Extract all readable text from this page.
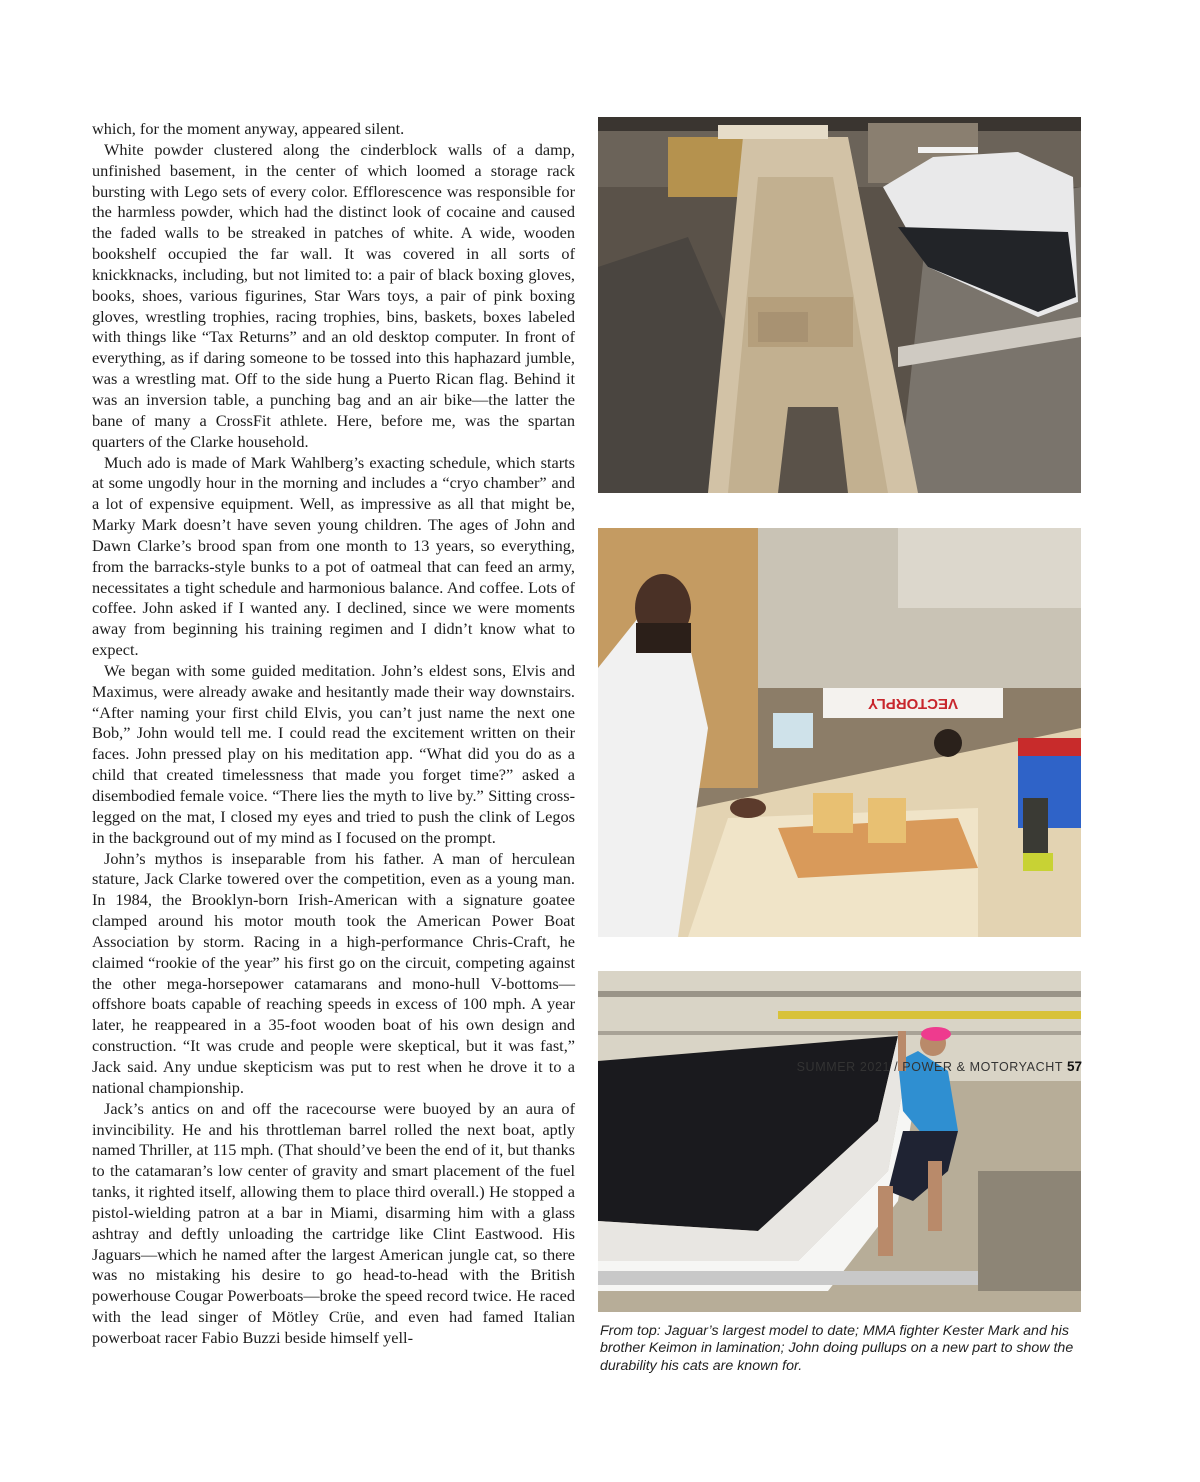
which, for the moment anyway, appeared silent.

White powder clustered along the cinderblock walls of a damp, unfinished basement, in the center of which loomed a storage rack bursting with Lego sets of every color. Efflorescence was responsible for the harmless powder, which had the distinct look of cocaine and caused the faded walls to be streaked in patches of white. A wide, wooden bookshelf occupied the far wall. It was covered in all sorts of knickknacks, including, but not limited to: a pair of black boxing gloves, books, shoes, various figurines, Star Wars toys, a pair of pink boxing gloves, wrestling trophies, racing trophies, bins, baskets, boxes labeled with things like “Tax Returns” and an old desktop computer. In front of everything, as if daring someone to be tossed into this haphazard jumble, was a wrestling mat. Off to the side hung a Puerto Rican flag. Behind it was an inversion table, a punching bag and an air bike—the latter the bane of many a CrossFit athlete. Here, before me, was the spartan quarters of the Clarke household.

Much ado is made of Mark Wahlberg’s exacting schedule, which starts at some ungodly hour in the morning and includes a “cryo chamber” and a lot of expensive equipment. Well, as impressive as all that might be, Marky Mark doesn’t have seven young children. The ages of John and Dawn Clarke’s brood span from one month to 13 years, so everything, from the barracks-style bunks to a pot of oatmeal that can feed an army, necessitates a tight schedule and harmonious balance. And coffee. Lots of coffee. John asked if I wanted any. I declined, since we were moments away from beginning his training regimen and I didn’t know what to expect.

We began with some guided meditation. John’s eldest sons, Elvis and Maximus, were already awake and hesitantly made their way downstairs. “After naming your first child Elvis, you can’t just name the next one Bob,” John would tell me. I could read the excitement written on their faces. John pressed play on his meditation app. “What did you do as a child that created timelessness that made you forget time?” asked a disembodied female voice. “There lies the myth to live by.” Sitting cross-legged on the mat, I closed my eyes and tried to push the clink of Legos in the background out of my mind as I focused on the prompt.

John’s mythos is inseparable from his father. A man of herculean stature, Jack Clarke towered over the competition, even as a young man. In 1984, the Brooklyn-born Irish-American with a signature goatee clamped around his motor mouth took the American Power Boat Association by storm. Racing in a high-performance Chris-Craft, he claimed “rookie of the year” his first go on the circuit, competing against the other mega-horsepower catamarans and mono-hull V-bottoms—offshore boats capable of reaching speeds in excess of 100 mph. A year later, he reappeared in a 35-foot wooden boat of his own design and construction. “It was crude and people were skeptical, but it was fast,” Jack said. Any undue skepticism was put to rest when he drove it to a national championship.

Jack’s antics on and off the racecourse were buoyed by an aura of invincibility. He and his throttleman barrel rolled the next boat, aptly named Thriller, at 115 mph. (That should’ve been the end of it, but thanks to the catamaran’s low center of gravity and smart placement of the fuel tanks, it righted itself, allowing them to place third overall.) He stopped a pistol-wielding patron at a bar in Miami, disarming him with a glass ashtray and deftly unloading the cartridge like Clint Eastwood. His Jaguars—which he named after the largest American jungle cat, so there was no mistaking his desire to go head-to-head with the British powerhouse Cougar Powerboats—broke the speed record twice. He raced with the lead singer of Mötley Crüe, and even had famed Italian powerboat racer Fabio Buzzi beside himself yell-

VECTORPLY
From top: Jaguar’s largest model to date; MMA fighter Kester Mark and his brother Keimon in lamination; John doing pullups on a new part to show the durability his cats are known for.
SUMMER 2021 / POWER & MOTORYACHT 57
